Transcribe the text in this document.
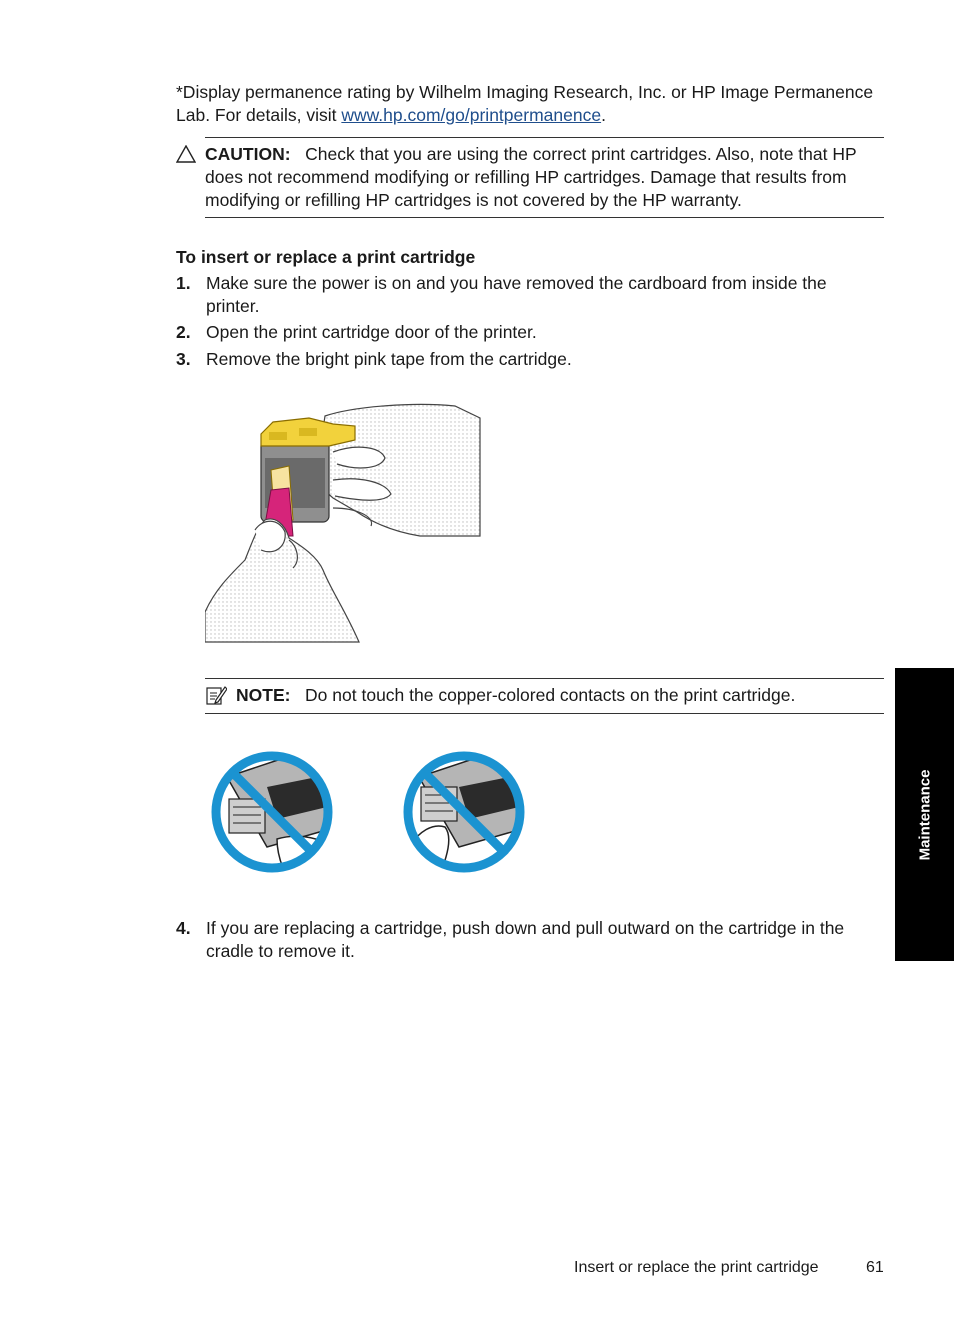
*Display permanence rating by Wilhelm Imaging Research, Inc. or HP Image Permanence Lab. For details, visit www.hp.com/go/printpermanence.
CAUTION: Check that you are using the correct print cartridges. Also, note that HP does not recommend modifying or refilling HP cartridges. Damage that results from modifying or refilling HP cartridges is not covered by the HP warranty.
To insert or replace a print cartridge
1. Make sure the power is on and you have removed the cardboard from inside the printer.
2. Open the print cartridge door of the printer.
3. Remove the bright pink tape from the cartridge.
NOTE: Do not touch the copper-colored contacts on the print cartridge.
4. If you are replacing a cartridge, push down and pull outward on the cartridge in the cradle to remove it.
Maintenance
Insert or replace the print cartridge	61
